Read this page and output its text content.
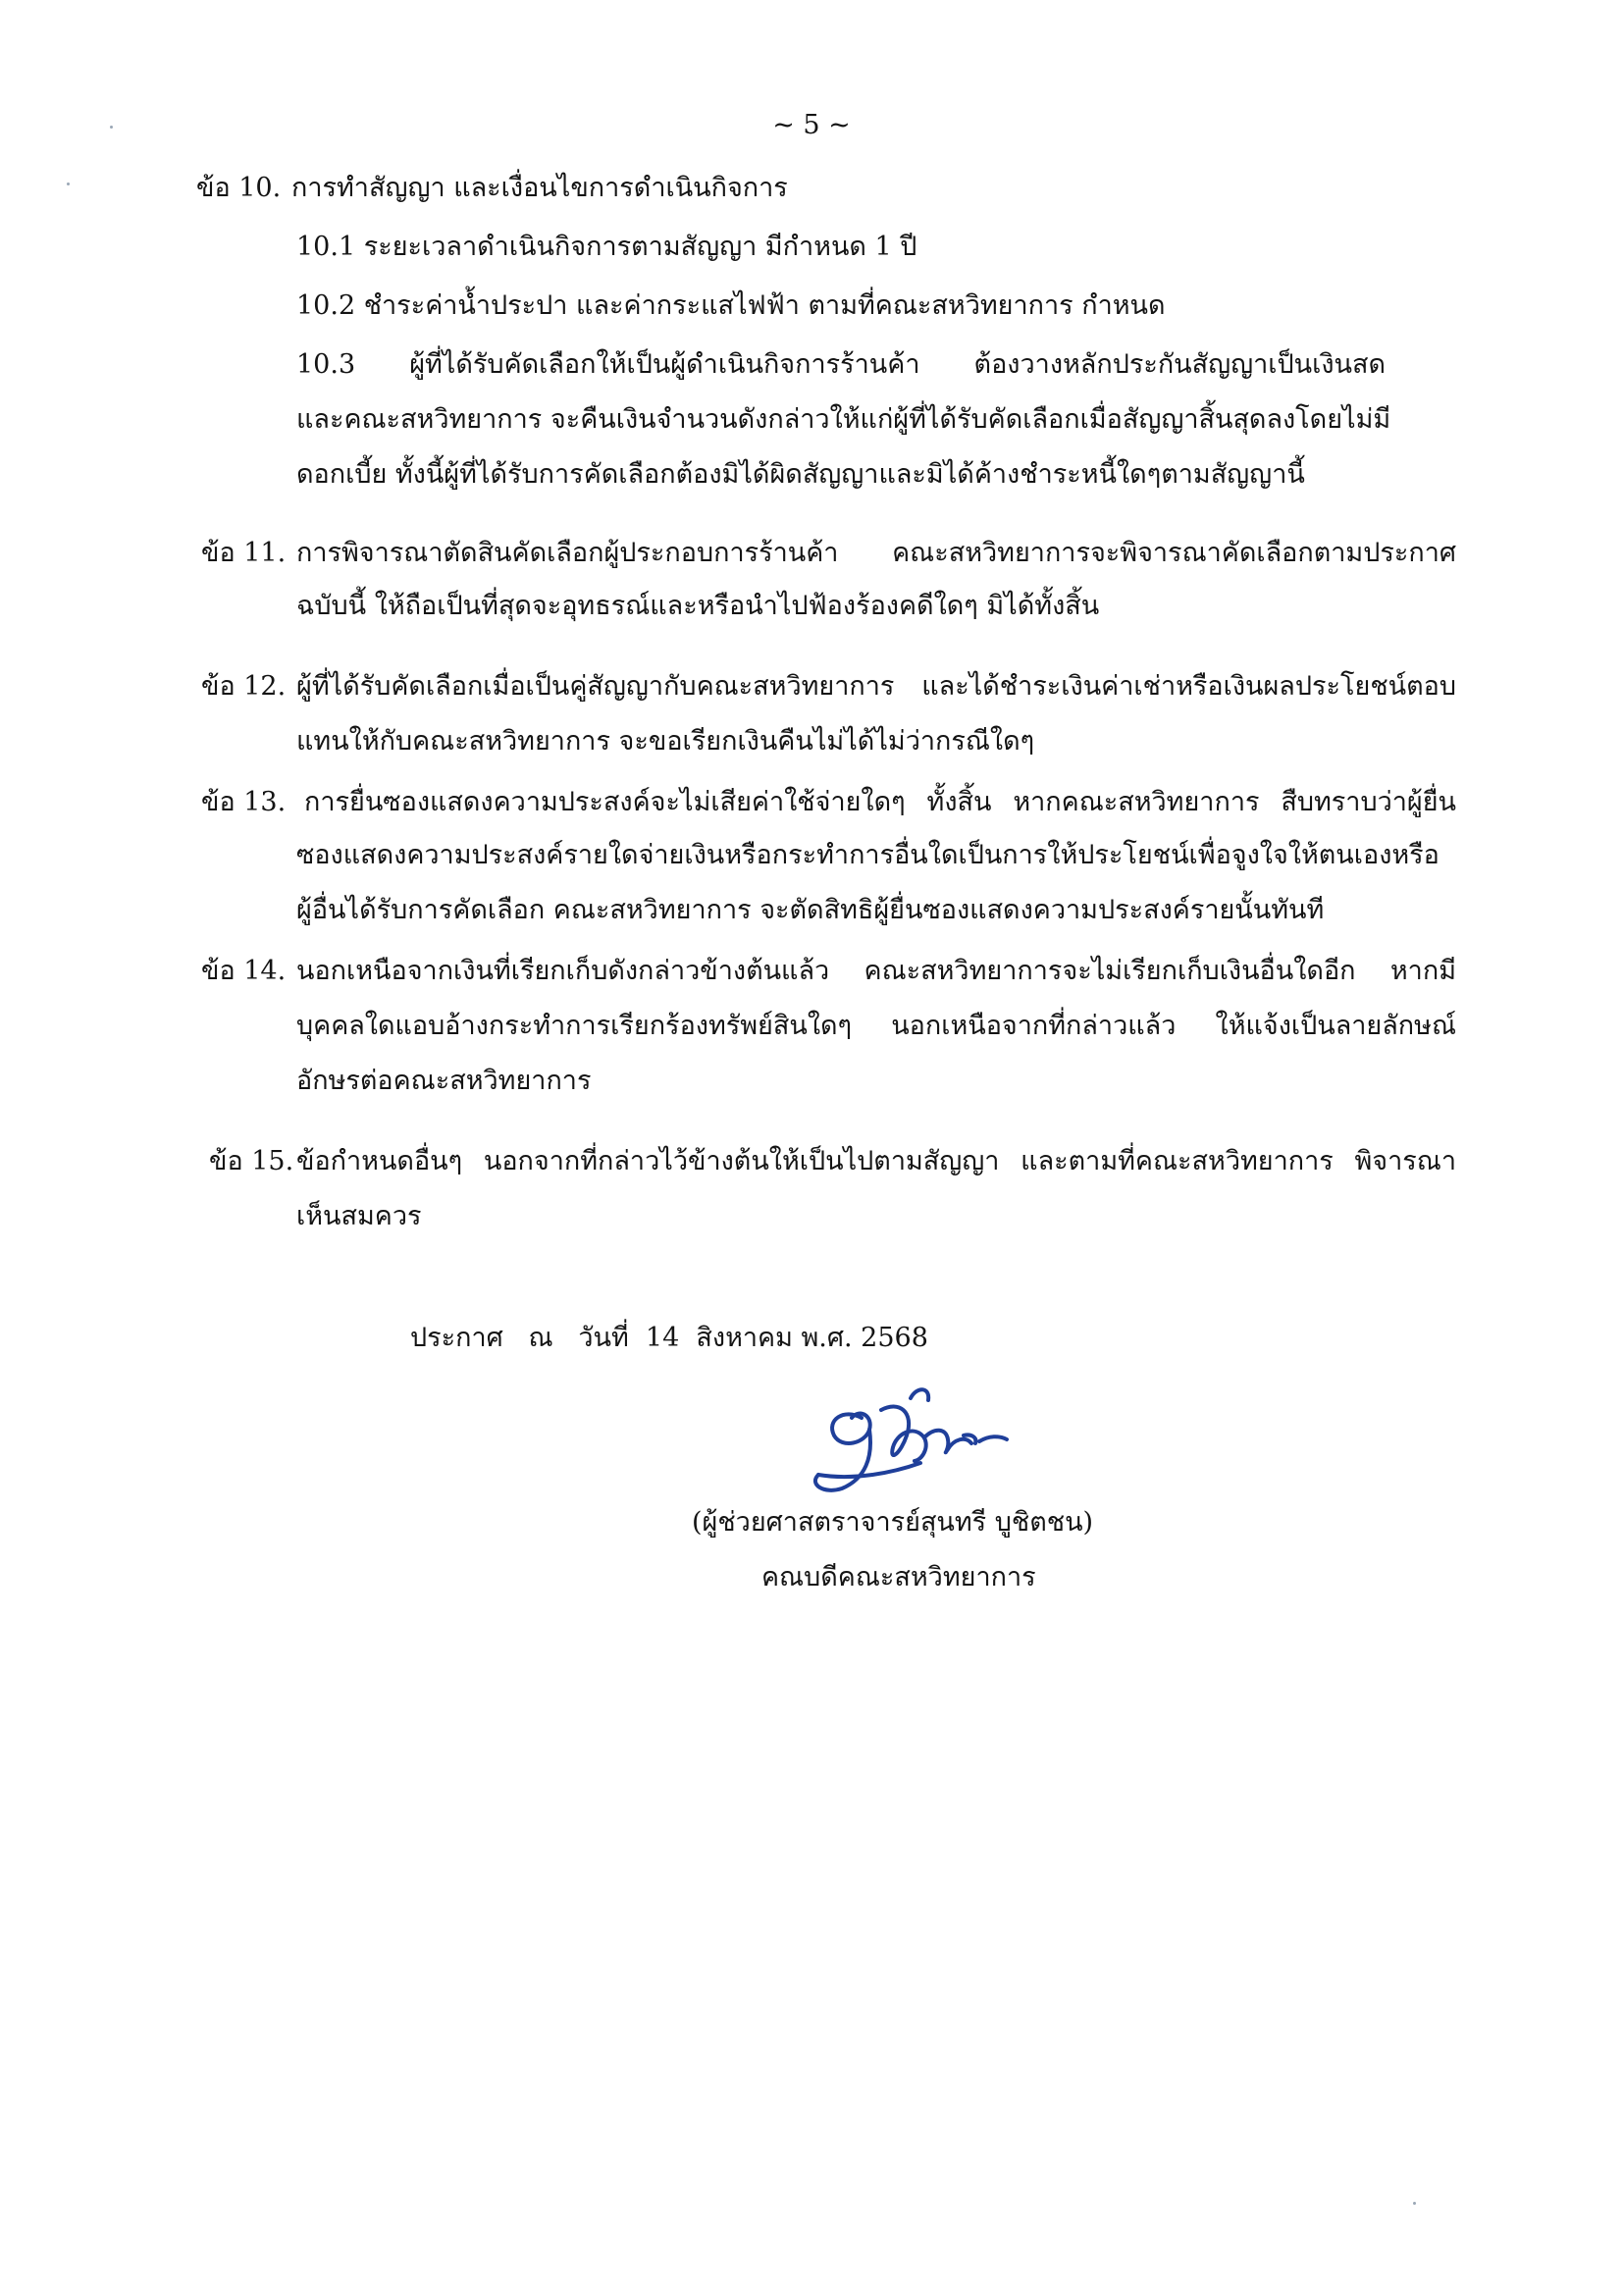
~ 5 ~
ข้อ 10. การทำสัญญา และเงื่อนไขการดำเนินกิจการ
10.1 ระยะเวลาดำเนินกิจการตามสัญญา มีกำหนด 1 ปี
10.2 ชำระค่าน้ำประปา และค่ากระแสไฟฟ้า ตามที่คณะสหวิทยาการ กำหนด
10.3 ผู้ที่ได้รับคัดเลือกให้เป็นผู้ดำเนินกิจการร้านค้า ต้องวางหลักประกันสัญญาเป็นเงินสด
และคณะสหวิทยาการ จะคืนเงินจำนวนดังกล่าวให้แก่ผู้ที่ได้รับคัดเลือกเมื่อสัญญาสิ้นสุดลงโดยไม่มี
ดอกเบี้ย ทั้งนี้ผู้ที่ได้รับการคัดเลือกต้องมิได้ผิดสัญญาและมิได้ค้างชำระหนี้ใดๆตามสัญญานี้
ข้อ 11. การพิจารณาตัดสินคัดเลือกผู้ประกอบการร้านค้า คณะสหวิทยาการจะพิจารณาคัดเลือกตามประกาศ
ฉบับนี้ ให้ถือเป็นที่สุดจะอุทธรณ์และหรือนำไปฟ้องร้องคดีใดๆ มิได้ทั้งสิ้น
ข้อ 12. ผู้ที่ได้รับคัดเลือกเมื่อเป็นคู่สัญญากับคณะสหวิทยาการ และได้ชำระเงินค่าเช่าหรือเงินผลประโยชน์ตอบ
แทนให้กับคณะสหวิทยาการ จะขอเรียกเงินคืนไม่ได้ไม่ว่ากรณีใดๆ
ข้อ 13. การยื่นซองแสดงความประสงค์จะไม่เสียค่าใช้จ่ายใดๆ ทั้งสิ้น หากคณะสหวิทยาการ สืบทราบว่าผู้ยื่น
ซองแสดงความประสงค์รายใดจ่ายเงินหรือกระทำการอื่นใดเป็นการให้ประโยชน์เพื่อจูงใจให้ตนเองหรือ
ผู้อื่นได้รับการคัดเลือก คณะสหวิทยาการ จะตัดสิทธิผู้ยื่นซองแสดงความประสงค์รายนั้นทันที
ข้อ 14. นอกเหนือจากเงินที่เรียกเก็บดังกล่าวข้างต้นแล้ว คณะสหวิทยาการจะไม่เรียกเก็บเงินอื่นใดอีก หากมี
บุคคลใดแอบอ้างกระทำการเรียกร้องทรัพย์สินใดๆ นอกเหนือจากที่กล่าวแล้ว ให้แจ้งเป็นลายลักษณ์
อักษรต่อคณะสหวิทยาการ
ข้อ 15. ข้อกำหนดอื่นๆ นอกจากที่กล่าวไว้ข้างต้นให้เป็นไปตามสัญญา และตามที่คณะสหวิทยาการ พิจารณา
เห็นสมควร
ประกาศ   ณ   วันที่  14  สิงหาคม พ.ศ. 2568
(ผู้ช่วยศาสตราจารย์สุนทรี บูชิตชน)
คณบดีคณะสหวิทยาการ
